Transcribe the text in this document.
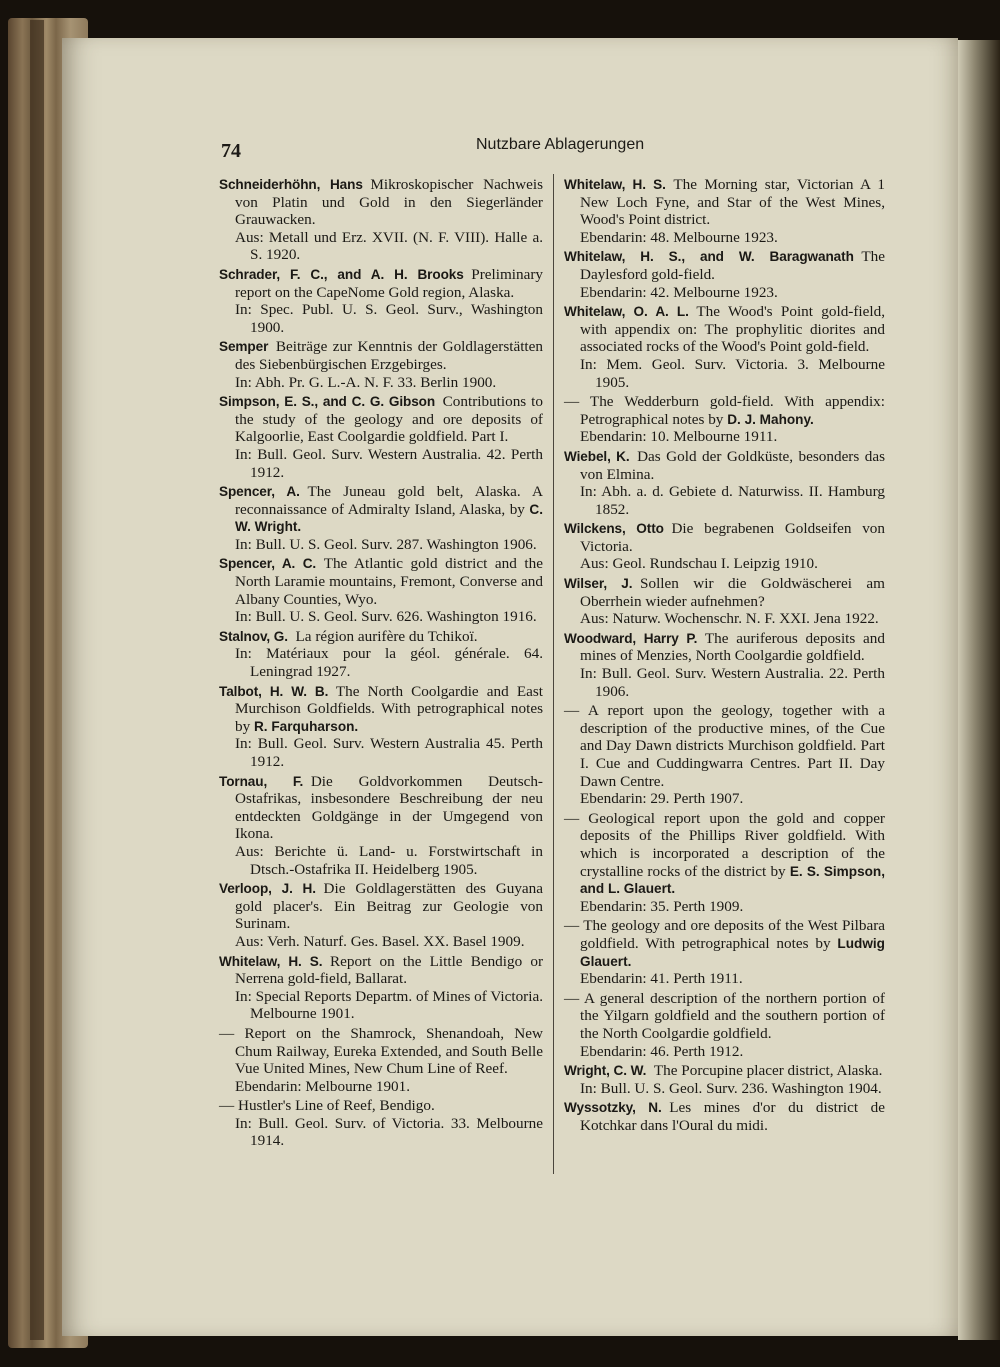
74	Nutzbare Ablagerungen
Schneiderhöhn, Hans  Mikroskopischer Nachweis von Platin und Gold in den Siegerländer Grauwacken.
Aus: Metall und Erz. XVII. (N. F. VIII). Halle a. S. 1920.
Schrader, F. C., and A. H. Brooks  Preliminary report on the CapeNome Gold region, Alaska.
In: Spec. Publ. U. S. Geol. Surv., Washington 1900.
Semper  Beiträge zur Kenntnis der Goldlagerstätten des Siebenbürgischen Erzgebirges.
In: Abh. Pr. G. L.-A. N. F. 33. Berlin 1900.
Simpson, E. S., and C. G. Gibson  Contributions to the study of the geology and ore deposits of Kalgoorlie, East Coolgardie goldfield. Part I.
In: Bull. Geol. Surv. Western Australia. 42. Perth 1912.
Spencer, A.  The Juneau gold belt, Alaska. A reconnaissance of Admiralty Island, Alaska, by C. W. Wright.
In: Bull. U. S. Geol. Surv. 287. Washington 1906.
Spencer, A. C.  The Atlantic gold district and the North Laramie mountains, Fremont, Converse and Albany Counties, Wyo.
In: Bull. U. S. Geol. Surv. 626. Washington 1916.
Stalnov, G.  La région aurifère du Tchikoï.
In: Matériaux pour la géol. générale. 64. Leningrad 1927.
Talbot, H. W. B.  The North Coolgardie and East Murchison Goldfields. With petrographical notes by R. Farquharson.
In: Bull. Geol. Surv. Western Australia 45. Perth 1912.
Tornau, F.  Die Goldvorkommen Deutsch-Ostafrikas, insbesondere Beschreibung der neu entdeckten Goldgänge in der Umgegend von Ikona.
Aus: Berichte ü. Land- u. Forstwirtschaft in Dtsch.-Ostafrika II. Heidelberg 1905.
Verloop, J. H.  Die Goldlagerstätten des Guyana gold placer's. Ein Beitrag zur Geologie von Surinam.
Aus: Verh. Naturf. Ges. Basel. XX. Basel 1909.
Whitelaw, H. S.  Report on the Little Bendigo or Nerrena gold-field, Ballarat.
In: Special Reports Departm. of Mines of Victoria. Melbourne 1901.
— Report on the Shamrock, Shenandoah, New Chum Railway, Eureka Extended, and South Belle Vue United Mines, New Chum Line of Reef.
Ebendarin: Melbourne 1901.
— Hustler's Line of Reef, Bendigo.
In: Bull. Geol. Surv. of Victoria. 33. Melbourne 1914.
Whitelaw, H. S.  The Morning star, Victorian A 1 New Loch Fyne, and Star of the West Mines, Wood's Point district.
Ebendarin: 48. Melbourne 1923.
Whitelaw, H. S., and W. Baragwanath  The Daylesford gold-field.
Ebendarin: 42. Melbourne 1923.
Whitelaw, O. A. L.  The Wood's Point gold-field, with appendix on: The prophylitic diorites and associated rocks of the Wood's Point gold-field.
In: Mem. Geol. Surv. Victoria. 3. Melbourne 1905.
— The Wedderburn gold-field. With appendix: Petrographical notes by D. J. Mahony.
Ebendarin: 10. Melbourne 1911.
Wiebel, K.  Das Gold der Goldküste, besonders das von Elmina.
In: Abh. a. d. Gebiete d. Naturwiss. II. Hamburg 1852.
Wilckens, Otto  Die begrabenen Goldseifen von Victoria.
Aus: Geol. Rundschau I. Leipzig 1910.
Wilser, J.  Sollen wir die Goldwäscherei am Oberrhein wieder aufnehmen?
Aus: Naturw. Wochenschr. N. F. XXI. Jena 1922.
Woodward, Harry P.  The auriferous deposits and mines of Menzies, North Coolgardie goldfield.
In: Bull. Geol. Surv. Western Australia. 22. Perth 1906.
— A report upon the geology, together with a description of the productive mines, of the Cue and Day Dawn districts Murchison goldfield. Part I. Cue and Cuddingwarra Centres. Part II. Day Dawn Centre.
Ebendarin: 29. Perth 1907.
— Geological report upon the gold and copper deposits of the Phillips River goldfield. With which is incorporated a description of the crystalline rocks of the district by E. S. Simpson, and L. Glauert.
Ebendarin: 35. Perth 1909.
— The geology and ore deposits of the West Pilbara goldfield. With petrographical notes by Ludwig Glauert.
Ebendarin: 41. Perth 1911.
— A general description of the northern portion of the Yilgarn goldfield and the southern portion of the North Coolgardie goldfield.
Ebendarin: 46. Perth 1912.
Wright, C. W.  The Porcupine placer district, Alaska.
In: Bull. U. S. Geol. Surv. 236. Washington 1904.
Wyssotzky, N.  Les mines d'or du district de Kotchkar dans l'Oural du midi.
